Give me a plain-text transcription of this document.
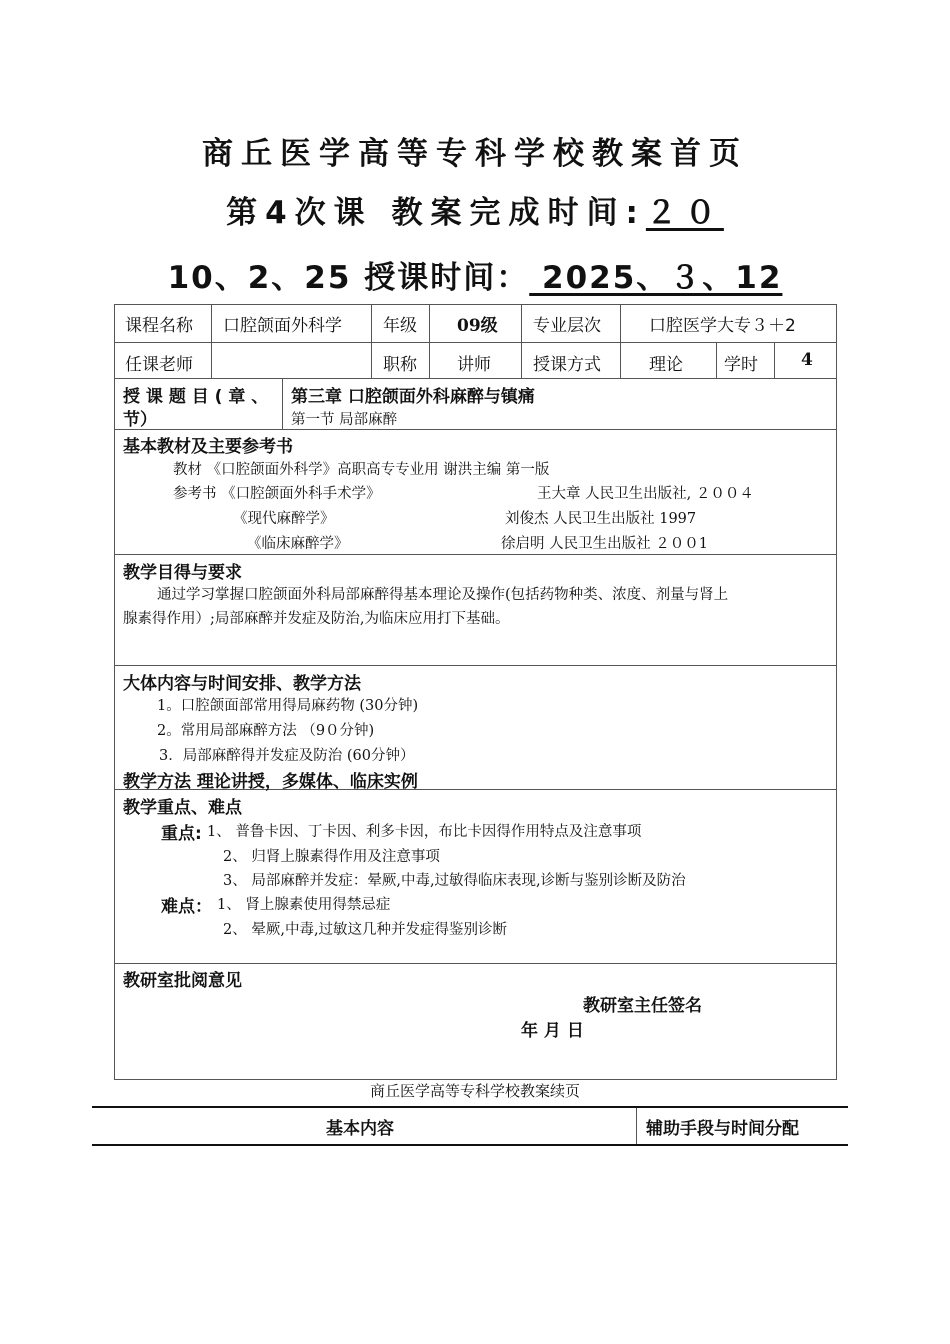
商丘医学高等专科学校教案首页
第4次课 教案完成时间:２０
10、2、25 授课时间： 2025、３、12
课程名称 口腔颌面外科学 年级 09级 专业层次	口腔医学大专３＋2
任课老师	职称 讲师 授课方式	理论 学时	4
授 课 题 目 ( 章 、
节）
第三章 口腔颌面外科麻醉与镇痛
第一节 局部麻醉
基本教材及主要参考书
教材 《口腔颌面外科学》高职高专专业用 谢洪主编 第一版
参考书 《口腔颌面外科手术学》	王大章 人民卫生出版社, ２００４
《现代麻醉学》	刘俊杰 人民卫生出版社 1997
《临床麻醉学》	徐启明 人民卫生出版社 ２００1
教学目得与要求
通过学习掌握口腔颌面外科局部麻醉得基本理论及操作(包括药物种类、浓度、剂量与肾上
腺素得作用）;局部麻醉并发症及防治,为临床应用打下基础。
大体内容与时间安排、教学方法
1。口腔颌面部常用得局麻药物 (30分钟)
2。常用局部麻醉方法 （9０分钟)
3．局部麻醉得并发症及防治 (60分钟）
教学方法 理论讲授，多媒体、临床实例
教学重点、难点
重点: 1、 普鲁卡因、丁卡因、利多卡因，布比卡因得作用特点及注意事项
2、 归肾上腺素得作用及注意事项
3、 局部麻醉并发症：晕厥,中毒,过敏得临床表现,诊断与鉴别诊断及防治
难点： 1、 肾上腺素使用得禁忌症
2、 晕厥,中毒,过敏这几种并发症得鉴别诊断
教研室批阅意见
教研室主任签名
年 月 日
商丘医学高等专科学校教案续页
基本内容	辅助手段与时间分配
